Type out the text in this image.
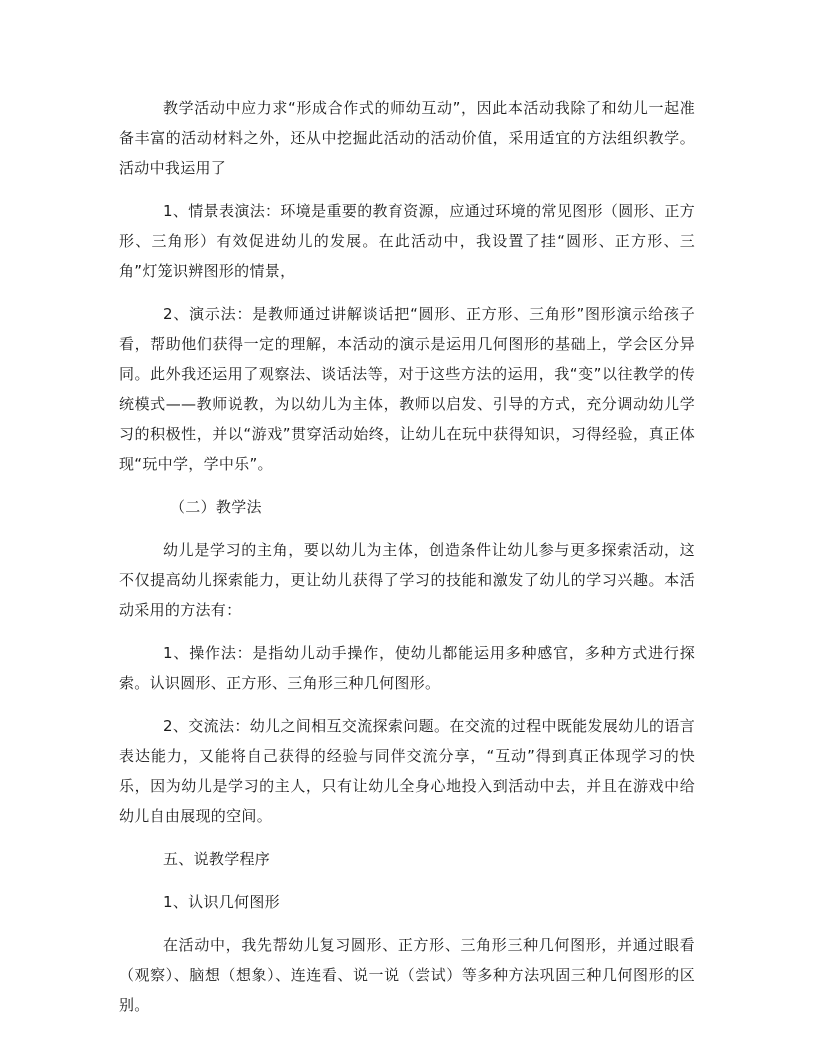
教学活动中应力求“形成合作式的师幼互动”，因此本活动我除了和幼儿一起准备丰富的活动材料之外，还从中挖掘此活动的活动价值，采用适宜的方法组织教学。活动中我运用了

1、情景表演法：环境是重要的教育资源，应通过环境的常见图形（圆形、正方形、三角形）有效促进幼儿的发展。在此活动中，我设置了挂“圆形、正方形、三角”灯笼识辨图形的情景，

2、演示法：是教师通过讲解谈话把“圆形、正方形、三角形”图形演示给孩子看，帮助他们获得一定的理解，本活动的演示是运用几何图形的基础上，学会区分异同。此外我还运用了观察法、谈话法等，对于这些方法的运用，我“变”以往教学的传统模式——教师说教，为以幼儿为主体，教师以启发、引导的方式，充分调动幼儿学习的积极性，并以“游戏”贯穿活动始终，让幼儿在玩中获得知识，习得经验，真正体现“玩中学，学中乐”。

（二）教学法

幼儿是学习的主角，要以幼儿为主体，创造条件让幼儿参与更多探索活动，这不仅提高幼儿探索能力，更让幼儿获得了学习的技能和激发了幼儿的学习兴趣。本活动采用的方法有：

1、操作法：是指幼儿动手操作，使幼儿都能运用多种感官，多种方式进行探索。认识圆形、正方形、三角形三种几何图形。

2、交流法：幼儿之间相互交流探索问题。在交流的过程中既能发展幼儿的语言表达能力，又能将自己获得的经验与同伴交流分享，“互动”得到真正体现学习的快乐，因为幼儿是学习的主人，只有让幼儿全身心地投入到活动中去，并且在游戏中给幼儿自由展现的空间。

五、说教学程序

1、认识几何图形

在活动中，我先帮幼儿复习圆形、正方形、三角形三种几何图形，并通过眼看（观察）、脑想（想象）、连连看、说一说（尝试）等多种方法巩固三种几何图形的区别。
